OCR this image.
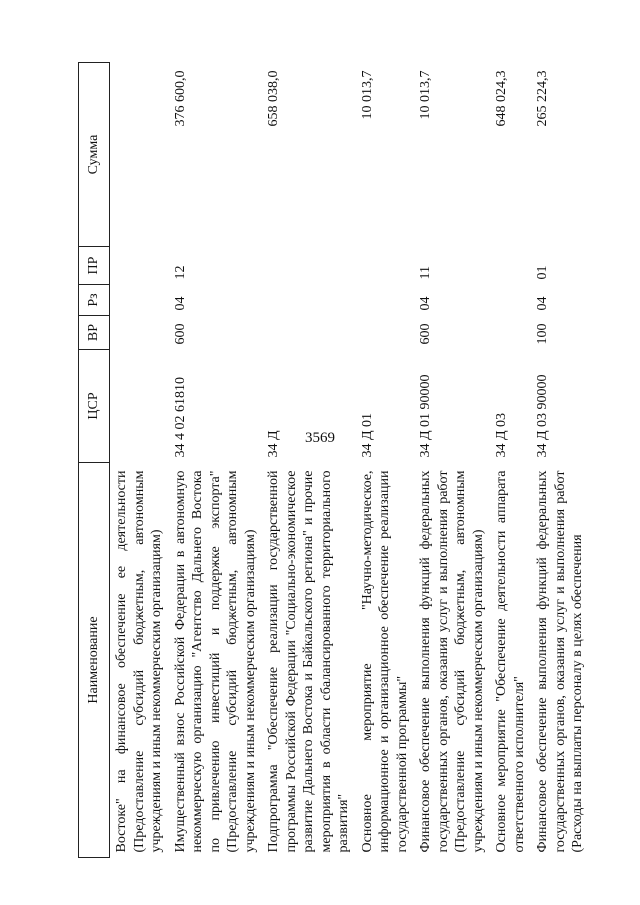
3569
Наименование	ЦСР	ВР	Рз	ПР	Сумма
Востоке" на финансовое обеспечение ее деятельности (Предоставление субсидий бюджетным, автономным учреждениям и иным некоммерческим организациям)					
Имущественный взнос Российской Федерации в автономную некоммерческую организацию "Агентство Дальнего Востока по привлечению инвестиций и поддержке экспорта" (Предоставление субсидий бюджетным, автономным учреждениям и иным некоммерческим организациям)	34 4 02 61810	600	04	12	376 600,0
Подпрограмма "Обеспечение реализации государственной программы Российской Федерации "Социально-экономическое развитие Дальнего Востока и Байкальского региона" и прочие мероприятия в области сбалансированного территориального развития"	34 Д				658 038,0
Основное мероприятие "Научно-методическое, информационное и организационное обеспечение реализации государственной программы"	34 Д 01				10 013,7
Финансовое обеспечение выполнения функций федеральных государственных органов, оказания услуг и выполнения работ (Предоставление субсидий бюджетным, автономным учреждениям и иным некоммерческим организациям)	34 Д 01 90000	600	04	11	10 013,7
Основное мероприятие "Обеспечение деятельности аппарата ответственного исполнителя"	34 Д 03				648 024,3
Финансовое обеспечение выполнения функций федеральных государственных органов, оказания услуг и выполнения работ (Расходы на выплаты персоналу в целях обеспечения	34 Д 03 90000	100	04	01	265 224,3
